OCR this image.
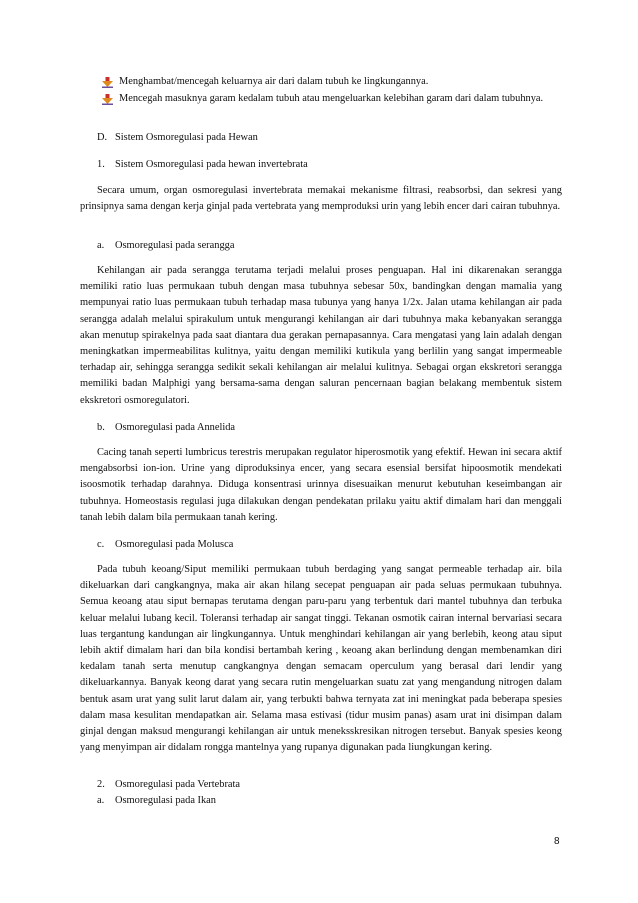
Menghambat/mencegah keluarnya air dari dalam tubuh ke lingkungannya.
Mencegah masuknya garam kedalam tubuh atau mengeluarkan kelebihan garam dari dalam tubuhnya.
D. Sistem Osmoregulasi pada Hewan
1. Sistem Osmoregulasi pada hewan invertebrata
Secara umum, organ osmoregulasi invertebrata memakai mekanisme filtrasi, reabsorbsi, dan sekresi yang prinsipnya sama dengan kerja ginjal pada vertebrata yang memproduksi urin yang lebih encer dari cairan tubuhnya.
a. Osmoregulasi pada serangga
Kehilangan air pada serangga terutama terjadi melalui proses penguapan. Hal ini dikarenakan serangga memiliki ratio luas permukaan tubuh dengan masa tubuhnya sebesar 50x, bandingkan dengan mamalia yang mempunyai ratio luas permukaan tubuh terhadap masa tubunya yang hanya 1/2x. Jalan utama kehilangan air pada serangga adalah melalui spirakulum untuk mengurangi kehilangan air dari tubuhnya maka kebanyakan serangga akan menutup spirakelnya pada saat diantara dua gerakan pernapasannya. Cara mengatasi yang lain adalah dengan meningkatkan impermeabilitas kulitnya, yaitu dengan memiliki kutikula yang berlilin yang sangat impermeable terhadap air, sehingga serangga sedikit sekali kehilangan air melalui kulitnya. Sebagai organ ekskretori serangga memiliki badan Malphigi yang bersama-sama dengan saluran pencernaan bagian belakang membentuk sistem ekskretori osmoregulatori.
b. Osmoregulasi pada Annelida
Cacing tanah seperti lumbricus terestris merupakan regulator hiperosmotik yang efektif. Hewan ini secara aktif mengabsorbsi ion-ion. Urine yang diproduksinya encer, yang secara esensial bersifat hipoosmotik mendekati isoosmotik terhadap darahnya. Diduga konsentrasi urinnya disesuaikan menurut kebutuhan keseimbangan air tubuhnya. Homeostasis regulasi juga dilakukan dengan pendekatan prilaku yaitu aktif dimalam hari dan menggali tanah lebih dalam bila permukaan tanah kering.
c. Osmoregulasi pada Molusca
Pada tubuh keoang/Siput memiliki permukaan tubuh berdaging yang sangat permeable terhadap air. bila dikeluarkan dari cangkangnya, maka air akan hilang secepat penguapan air pada seluas permukaan tubuhnya. Semua keoang atau siput bernapas terutama dengan paru-paru yang terbentuk dari mantel tubuhnya dan terbuka keluar melalui lubang kecil. Toleransi terhadap air sangat tinggi. Tekanan osmotik cairan internal bervariasi secara luas tergantung kandungan air lingkungannya. Untuk menghindari kehilangan air yang berlebih, keong atau siput lebih aktif dimalam hari dan bila kondisi bertambah kering , keoang akan berlindung dengan membenamkan diri kedalam tanah serta menutup cangkangnya dengan semacam operculum yang berasal dari lendir yang dikeluarkannya. Banyak keong darat yang secara rutin mengeluarkan suatu zat yang mengandung nitrogen dalam bentuk asam urat yang sulit larut dalam air, yang terbukti bahwa ternyata zat ini meningkat pada beberapa spesies dalam masa kesulitan mendapatkan air. Selama masa estivasi (tidur musim panas) asam urat ini disimpan dalam ginjal dengan maksud mengurangi kehilangan air untuk meneksskresikan nitrogen tersebut. Banyak spesies keong yang menyimpan air didalam rongga mantelnya yang rupanya digunakan pada liungkungan kering.
2. Osmoregulasi pada Vertebrata
a. Osmoregulasi pada Ikan
8
